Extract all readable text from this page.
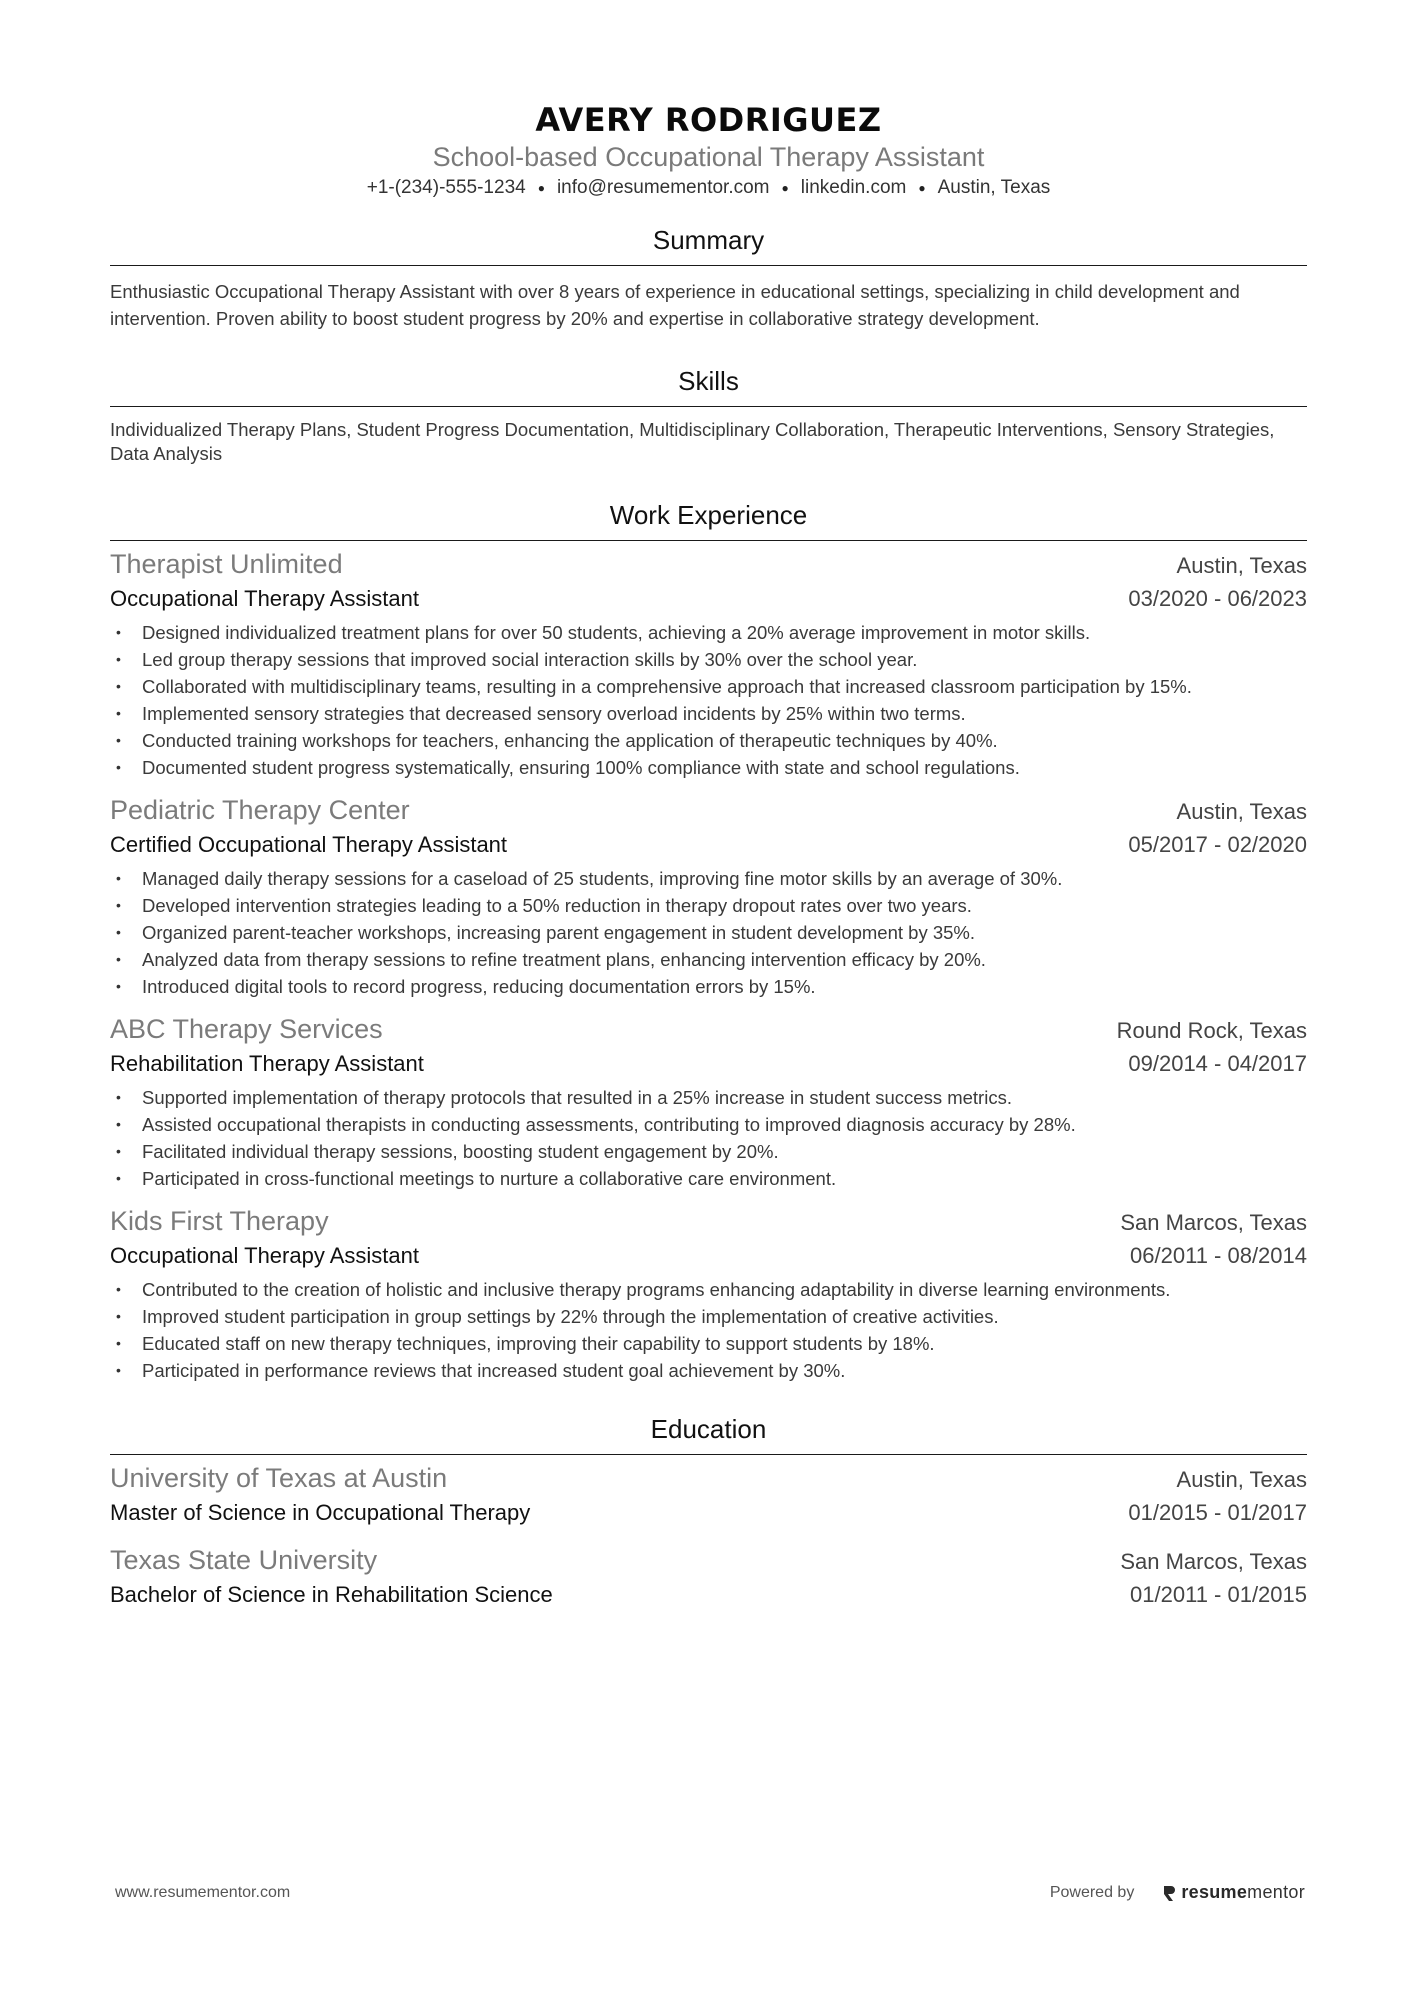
AVERY RODRIGUEZ
School-based Occupational Therapy Assistant
+1-(234)-555-1234 ● info@resumementor.com ● linkedin.com ● Austin, Texas
Summary
Enthusiastic Occupational Therapy Assistant with over 8 years of experience in educational settings, specializing in child development and intervention. Proven ability to boost student progress by 20% and expertise in collaborative strategy development.
Skills
Individualized Therapy Plans, Student Progress Documentation, Multidisciplinary Collaboration, Therapeutic Interventions, Sensory Strategies, Data Analysis
Work Experience
Therapist Unlimited	Austin, Texas
Occupational Therapy Assistant	03/2020 - 06/2023
• Designed individualized treatment plans for over 50 students, achieving a 20% average improvement in motor skills.
• Led group therapy sessions that improved social interaction skills by 30% over the school year.
• Collaborated with multidisciplinary teams, resulting in a comprehensive approach that increased classroom participation by 15%.
• Implemented sensory strategies that decreased sensory overload incidents by 25% within two terms.
• Conducted training workshops for teachers, enhancing the application of therapeutic techniques by 40%.
• Documented student progress systematically, ensuring 100% compliance with state and school regulations.
Pediatric Therapy Center	Austin, Texas
Certified Occupational Therapy Assistant	05/2017 - 02/2020
• Managed daily therapy sessions for a caseload of 25 students, improving fine motor skills by an average of 30%.
• Developed intervention strategies leading to a 50% reduction in therapy dropout rates over two years.
• Organized parent-teacher workshops, increasing parent engagement in student development by 35%.
• Analyzed data from therapy sessions to refine treatment plans, enhancing intervention efficacy by 20%.
• Introduced digital tools to record progress, reducing documentation errors by 15%.
ABC Therapy Services	Round Rock, Texas
Rehabilitation Therapy Assistant	09/2014 - 04/2017
• Supported implementation of therapy protocols that resulted in a 25% increase in student success metrics.
• Assisted occupational therapists in conducting assessments, contributing to improved diagnosis accuracy by 28%.
• Facilitated individual therapy sessions, boosting student engagement by 20%.
• Participated in cross-functional meetings to nurture a collaborative care environment.
Kids First Therapy	San Marcos, Texas
Occupational Therapy Assistant	06/2011 - 08/2014
• Contributed to the creation of holistic and inclusive therapy programs enhancing adaptability in diverse learning environments.
• Improved student participation in group settings by 22% through the implementation of creative activities.
• Educated staff on new therapy techniques, improving their capability to support students by 18%.
• Participated in performance reviews that increased student goal achievement by 30%.
Education
University of Texas at Austin	Austin, Texas
Master of Science in Occupational Therapy	01/2015 - 01/2017
Texas State University	San Marcos, Texas
Bachelor of Science in Rehabilitation Science	01/2011 - 01/2015
www.resumementor.com	Powered by	resume mentor
